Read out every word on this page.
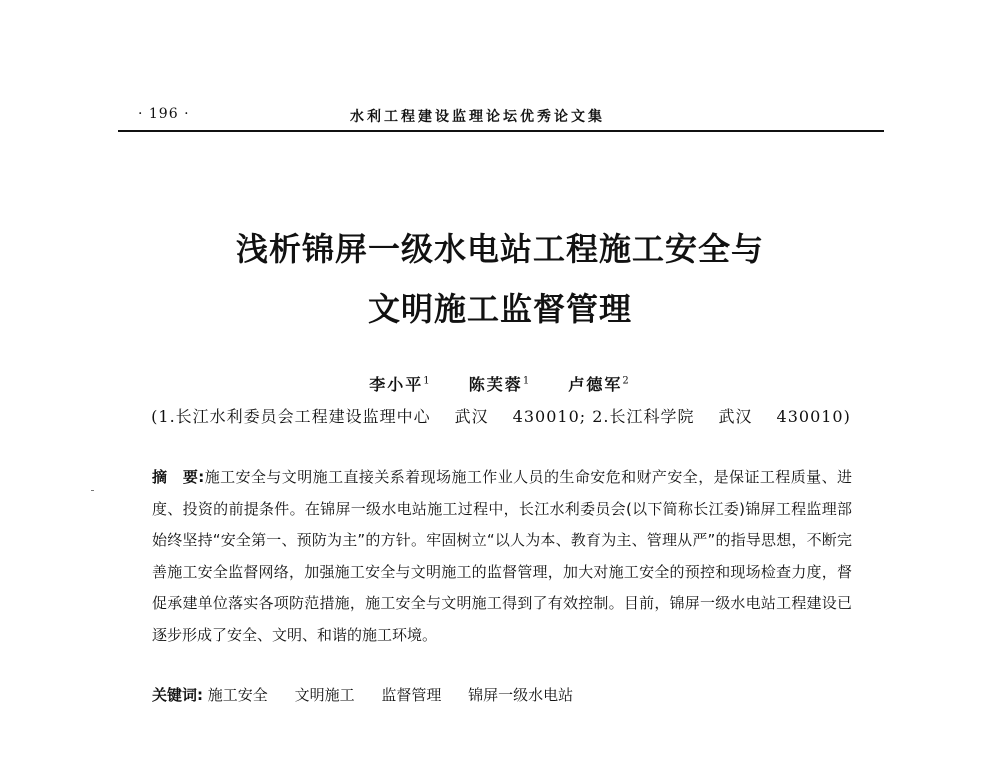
· 196 ·	水利工程建设监理论坛优秀论文集
浅析锦屏一级水电站工程施工安全与
文明施工监督管理
李小平$^1$ 陈芙蓉$^1$ 卢德军$^2$
(1.长江水利委员会工程建设监理中心 武汉 430010; 2.长江科学院 武汉 430010)
摘　要:施工安全与文明施工直接关系着现场施工作业人员的生命安危和财产安全，是保证工程质量、进度、投资的前提条件。在锦屏一级水电站施工过程中，长江水利委员会(以下简称长江委)锦屏工程监理部始终坚持“安全第一、预防为主”的方针。牢固树立“以人为本、教育为主、管理从严”的指导思想，不断完善施工安全监督网络，加强施工安全与文明施工的监督管理，加大对施工安全的预控和现场检查力度，督促承建单位落实各项防范措施，施工安全与文明施工得到了有效控制。目前，锦屏一级水电站工程建设已逐步形成了安全、文明、和谐的施工环境。
关键词: 施工安全 文明施工 监督管理 锦屏一级水电站
